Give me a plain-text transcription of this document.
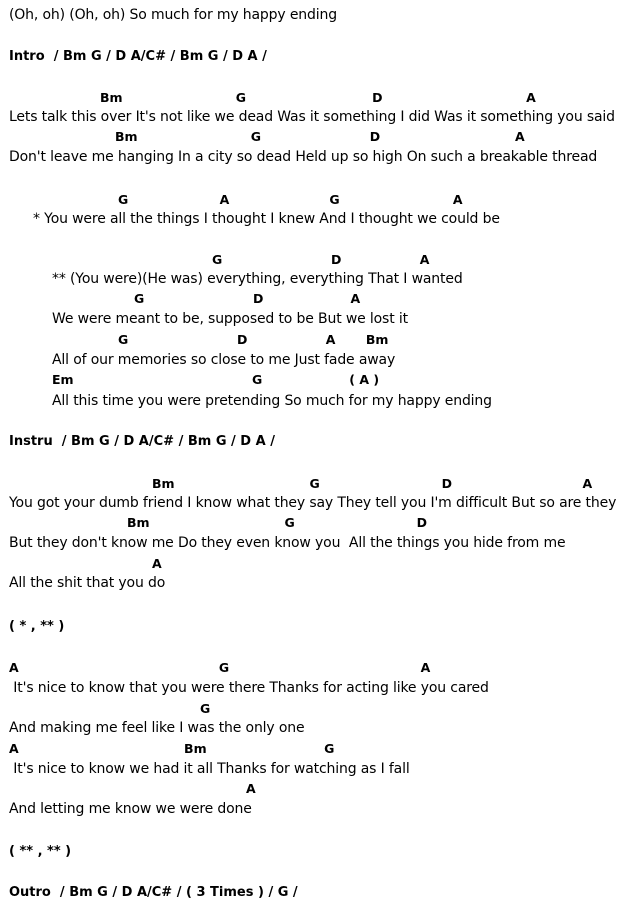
(Oh, oh) (Oh, oh) So much for my happy ending
Intro  / Bm G / D A/C# / Bm G / D A /
Bm                          G                             D                                 A
Lets talk this over It's not like we dead Was it something I did Was it something you said
Bm                          G                         D                               A
Don't leave me hanging In a city so dead Held up so high On such a breakable thread
G                     A                       G                          A
* You were all the things I thought I knew And I thought we could be
G                         D                  A
** (You were)(He was) everything, everything That I wanted
G                         D                    A
We were meant to be, supposed to be But we lost it
G                         D                  A       Bm
All of our memories so close to me Just fade away
Em                                         G                    ( A )
All this time you were pretending So much for my happy ending
Instru  / Bm G / D A/C# / Bm G / D A /
Bm                               G                            D                              A
You got your dumb friend I know what they say They tell you I'm difficult But so are they
Bm                               G                            D
But they don't know me Do they even know you  All the things you hide from me
A
All the shit that you do
( * , ** )
A                                              G                                            A
It's nice to know that you were there Thanks for acting like you cared
G
And making me feel like I was the only one
A                                      Bm                           G
It's nice to know we had it all Thanks for watching as I fall
A
And letting me know we were done
( ** , ** )
Outro  / Bm G / D A/C# / ( 3 Times ) / G /
